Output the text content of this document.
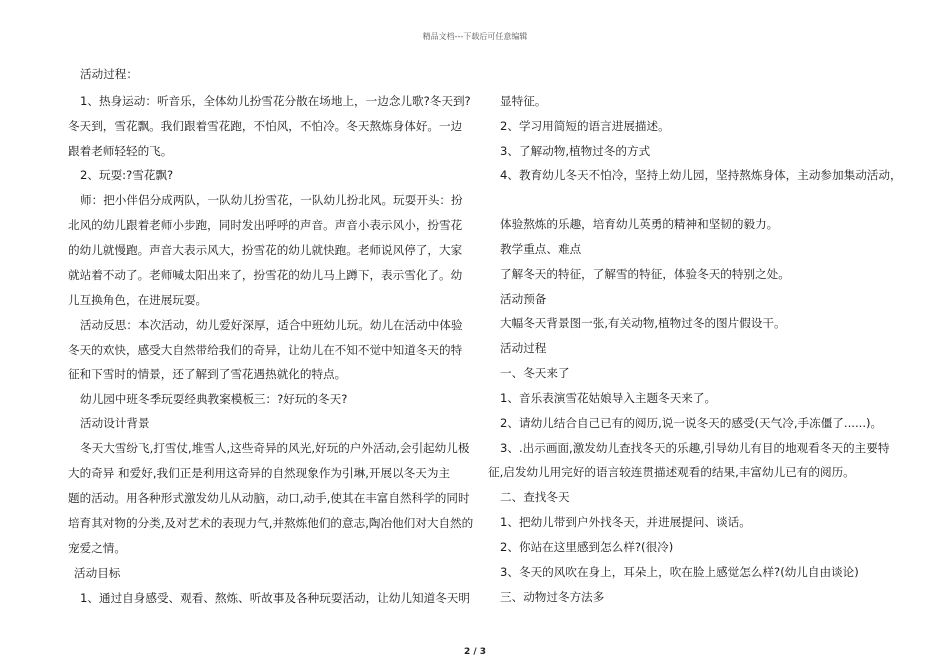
精品文档---下载后可任意编辑

活动过程：

1、热身运动：听音乐，全体幼儿扮雪花分散在场地上，一边念儿歌?冬天到?

冬天到，雪花飘。我们跟着雪花跑，不怕风，不怕冷。冬天熬炼身体好。一边

跟着老师轻轻的飞。

2、玩耍:?雪花飘?

师：把小伴侣分成两队，一队幼儿扮雪花，一队幼儿扮北风。玩耍开头：扮

北风的幼儿跟着老师小步跑，同时发出呼呼的声音。声音小表示风小，扮雪花

的幼儿就慢跑。声音大表示风大，扮雪花的幼儿就快跑。老师说风停了，大家

就站着不动了。老师喊太阳出来了，扮雪花的幼儿马上蹲下，表示雪化了。幼

儿互换角色，在进展玩耍。

活动反思：本次活动，幼儿爱好深厚，适合中班幼儿玩。幼儿在活动中体验

冬天的欢快，感受大自然带给我们的奇异，让幼儿在不知不觉中知道冬天的特

征和下雪时的情景，还了解到了雪花遇热就化的特点。

幼儿园中班冬季玩耍经典教案模板三：?好玩的冬天?

活动设计背景

冬天大雪纷飞,打雪仗,堆雪人,这些奇异的风光,好玩的户外活动,会引起幼儿极

大的奇异 和爱好,我们正是利用这奇异的自然现象作为引琳,开展以冬天为主

题的活动。用各种形式激发幼儿从动脑，动口,动手,使其在丰富自然科学的同时

培育其对物的分类,及对艺术的表现力气,并熬炼他们的意志,陶冶他们对大自然的

宠爱之情。

活动目标

1、通过自身感受、观看、熬炼、听故事及各种玩耍活动，让幼儿知道冬天明

显特征。

2、学习用简短的语言进展描述。

3、了解动物,植物过冬的方式

4、教育幼儿冬天不怕冷，坚持上幼儿园，坚持熬炼身体，主动参加集动活动，

体验熬炼的乐趣，培育幼儿英勇的精神和坚韧的毅力。

教学重点、难点

了解冬天的特征，了解雪的特征，体验冬天的特别之处。

活动预备

大幅冬天背景图一张,有关动物,植物过冬的图片假设干。

活动过程

一、冬天来了

1、音乐表演雪花姑娘导入主题冬天来了。

2、请幼儿结合自己已有的阅历,说一说冬天的感受(天气冷,手冻僵了......)。

3、.出示画面,激发幼儿查找冬天的乐趣,引导幼儿有目的地观看冬天的主要特

征,启发幼儿用完好的语言较连贯描述观看的结果,丰富幼儿已有的阅历。

二、查找冬天

1、把幼儿带到户外找冬天，并进展提问、谈话。

2、你站在这里感到怎么样?(很冷)

3、冬天的风吹在身上，耳朵上，吹在脸上感觉怎么样?(幼儿自由谈论)

三、动物过冬方法多

2 / 3
